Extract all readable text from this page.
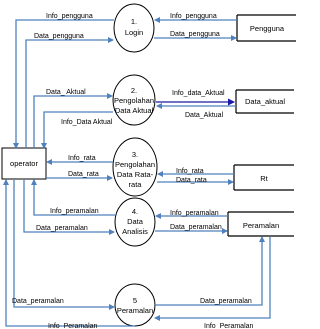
operator
1.
Login
2.
Pengolahan
Data Aktual
3.
Pengolahan
Data Rata-
rata
4.
Data
Analisis
5
Peramalan
Pengguna
Data_aktual
Rt
Peramalan
Info_pengguna
Data_pengguna
Info_pengguna
Data_pengguna
Data_ Aktual
Info_Data Aktual
Info_data_Aktual
Data_Aktual
Info_rata
Data_rata	Info_rata
Data_rata
Info_peramalan
Data_peramalan
Info_peramalan
Data_peramalan
Data_peramalan
Info_Peramalan
Data_peramalan
Info_Peramalan
